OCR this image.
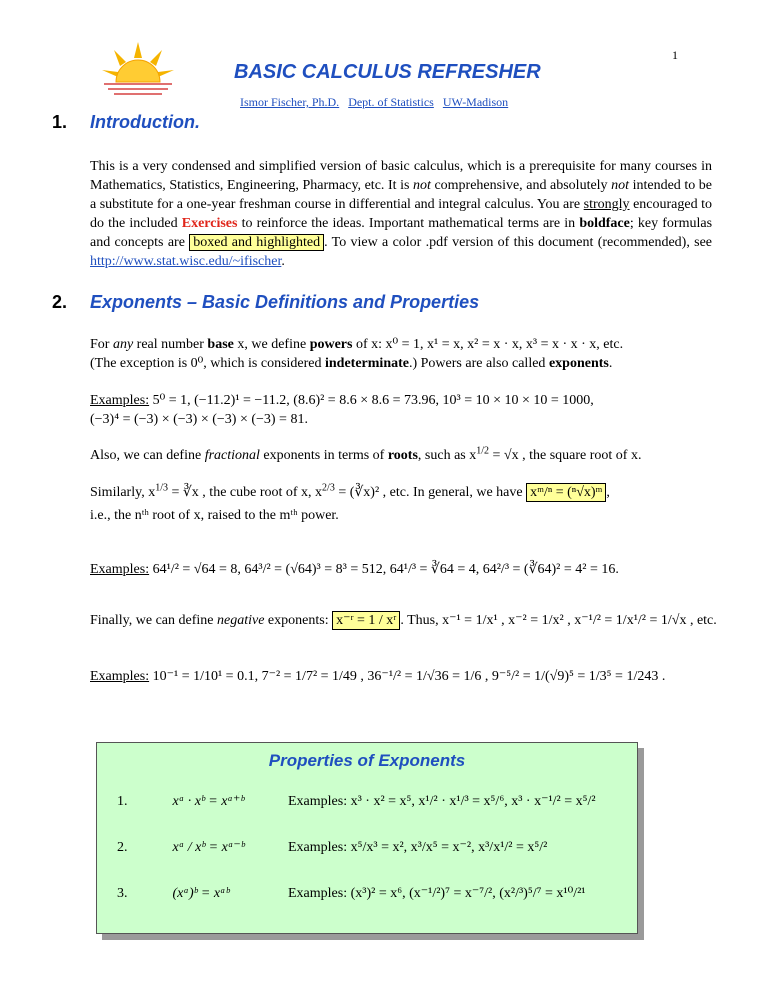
1
BASIC CALCULUS REFRESHER
Ismor Fischer, Ph.D. Dept. of Statistics UW-Madison
1. Introduction.
This is a very condensed and simplified version of basic calculus, which is a prerequisite for many courses in Mathematics, Statistics, Engineering, Pharmacy, etc. It is not comprehensive, and absolutely not intended to be a substitute for a one-year freshman course in differential and integral calculus. You are strongly encouraged to do the included Exercises to reinforce the ideas. Important mathematical terms are in boldface; key formulas and concepts are boxed and highlighted . To view a color .pdf version of this document (recommended), see http://www.stat.wisc.edu/~ifischer.
2. Exponents – Basic Definitions and Properties
For any real number base x, we define powers of x: x⁰ = 1, x¹ = x, x² = x · x, x³ = x · x · x, etc.
(The exception is 0⁰, which is considered indeterminate.) Powers are also called exponents.
Examples: 5⁰ = 1, (−11.2)¹ = −11.2, (8.6)² = 8.6 × 8.6 = 73.96, 10³ = 10 × 10 × 10 = 1000,
(−3)⁴ = (−3) × (−3) × (−3) × (−3) = 81.
Also, we can define fractional exponents in terms of roots, such as $x^{1/2} = √x$ , the square root of x.
Similarly, $x^{1/3}$ = ∛x , the cube root of x, $x^{2/3}$ = (∛x)² , etc. In general, we have xᵐ/ⁿ = (ⁿ√x)ᵐ ,
i.e., the nᵗʰ root of x, raised to the mᵗʰ power.
Examples: 64¹/² = √64 = 8, 64³/² = (√64)³ = 8³ = 512, 64¹/³ = ∛64 = 4, 64²/³ = (∛64)² = 4² = 16.
Finally, we can define negative exponents: x⁻ʳ = 1 / xʳ . Thus, x⁻¹ = 1/x¹ , x⁻² = 1/x² , x⁻¹/² = 1/x¹/² = 1/√x , etc.
Examples: 10⁻¹ = 1/10¹ = 0.1, 7⁻² = 1/7² = 1/49 , 36⁻¹/² = 1/√36 = 1/6 , 9⁻⁵/² = 1/(√9)⁵ = 1/3⁵ = 1/243 .
Properties of Exponents
1.	xᵃ · xᵇ = xᵃ⁺ᵇ	Examples: x³ · x² = x⁵, x¹/² · x¹/³ = x⁵/⁶, x³ · x⁻¹/² = x⁵/²
2.	xᵃ / xᵇ = xᵃ⁻ᵇ	Examples: x⁵/x³ = x², x³/x⁵ = x⁻², x³/x¹/² = x⁵/²
3.	(xᵃ)ᵇ = xᵃᵇ	Examples: (x³)² = x⁶, (x⁻¹/²)⁷ = x⁻⁷/², (x²/³)⁵/⁷ = x¹⁰/²¹
